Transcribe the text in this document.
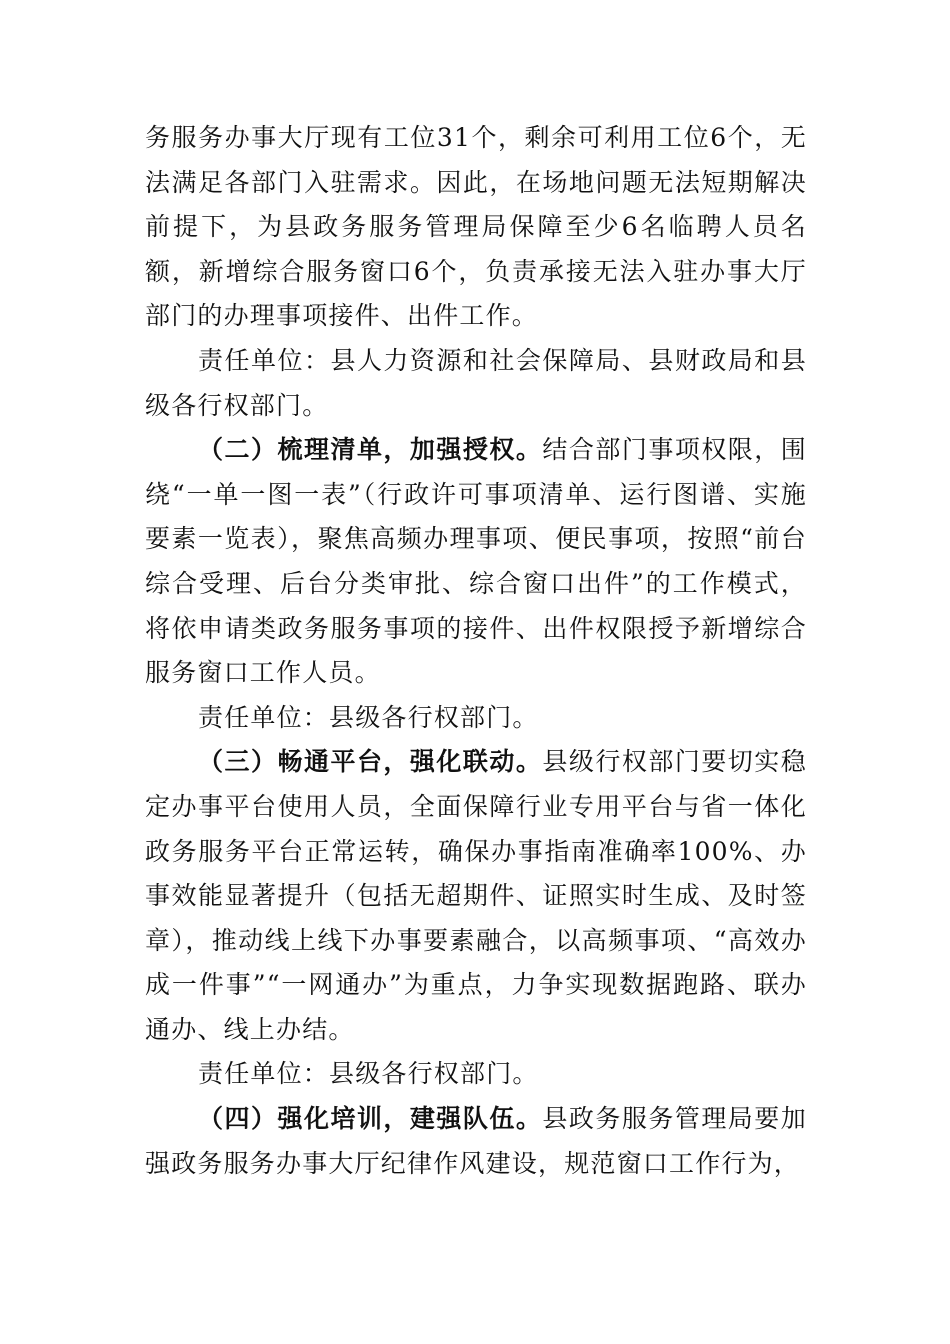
务服务办事大厅现有工位31个，剩余可利用工位6个，无法满足各部门入驻需求。因此，在场地问题无法短期解决前提下，为县政务服务管理局保障至少6名临聘人员名额，新增综合服务窗口6个，负责承接无法入驻办事大厅部门的办理事项接件、出件工作。

责任单位：县人力资源和社会保障局、县财政局和县级各行权部门。

（二）梳理清单，加强授权。结合部门事项权限，围绕“一单一图一表”（行政许可事项清单、运行图谱、实施要素一览表），聚焦高频办理事项、便民事项，按照“前台综合受理、后台分类审批、综合窗口出件”的工作模式，将依申请类政务服务事项的接件、出件权限授予新增综合服务窗口工作人员。

责任单位：县级各行权部门。

（三）畅通平台，强化联动。县级行权部门要切实稳定办事平台使用人员，全面保障行业专用平台与省一体化政务服务平台正常运转，确保办事指南准确率100%、办事效能显著提升（包括无超期件、证照实时生成、及时签章），推动线上线下办事要素融合，以高频事项、“高效办成一件事”“一网通办”为重点，力争实现数据跑路、联办通办、线上办结。

责任单位：县级各行权部门。

（四）强化培训，建强队伍。县政务服务管理局要加强政务服务办事大厅纪律作风建设，规范窗口工作行为，
